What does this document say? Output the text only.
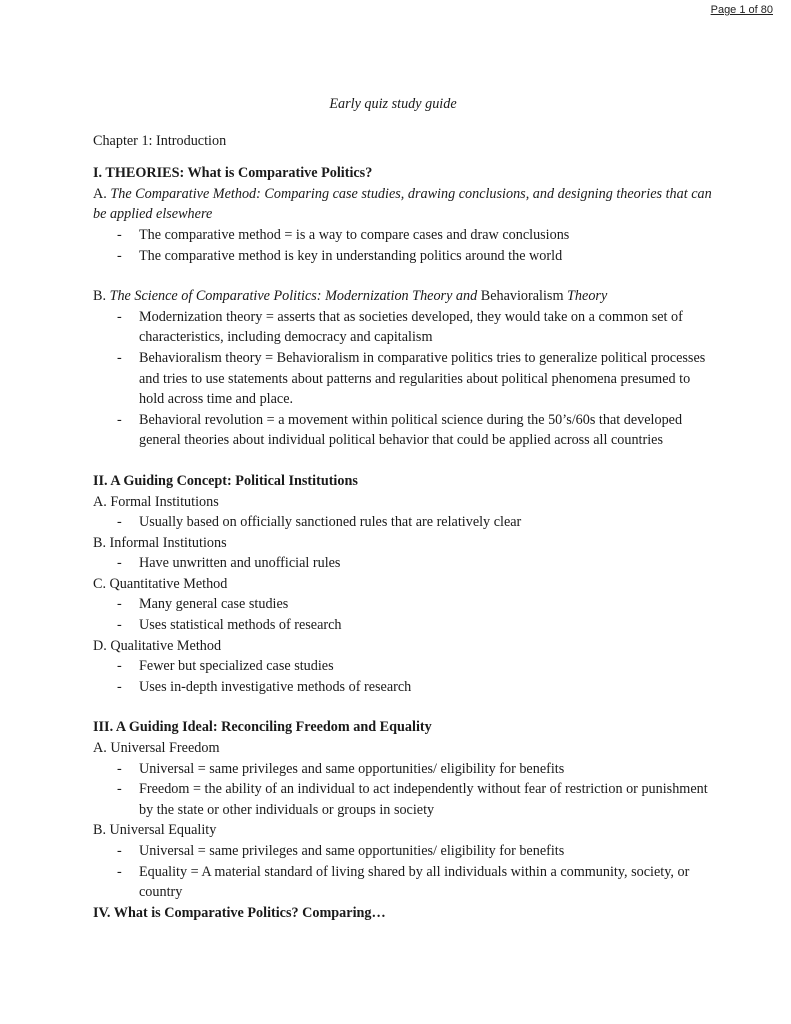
Page 1 of 80
Early quiz study guide
Chapter 1: Introduction
I. THEORIES: What is Comparative Politics?
A. The Comparative Method: Comparing case studies, drawing conclusions, and designing theories that can be applied elsewhere
- The comparative method = is a way to compare cases and draw conclusions
- The comparative method is key in understanding politics around the world
B. The Science of Comparative Politics: Modernization Theory and Behavioralism Theory
- Modernization theory = asserts that as societies developed, they would take on a common set of characteristics, including democracy and capitalism
- Behavioralism theory = Behavioralism in comparative politics tries to generalize political processes and tries to use statements about patterns and regularities about political phenomena presumed to hold across time and place.
- Behavioral revolution = a movement within political science during the 50’s/60s that developed general theories about individual political behavior that could be applied across all countries
II. A Guiding Concept: Political Institutions
A. Formal Institutions
- Usually based on officially sanctioned rules that are relatively clear
B. Informal Institutions
- Have unwritten and unofficial rules
C. Quantitative Method
- Many general case studies
- Uses statistical methods of research
D. Qualitative Method
- Fewer but specialized case studies
- Uses in-depth investigative methods of research
III. A Guiding Ideal: Reconciling Freedom and Equality
A. Universal Freedom
- Universal = same privileges and same opportunities/ eligibility for benefits
- Freedom = the ability of an individual to act independently without fear of restriction or punishment by the state or other individuals or groups in society
B. Universal Equality
- Universal = same privileges and same opportunities/ eligibility for benefits
- Equality = A material standard of living shared by all individuals within a community, society, or country
IV. What is Comparative Politics? Comparing…
